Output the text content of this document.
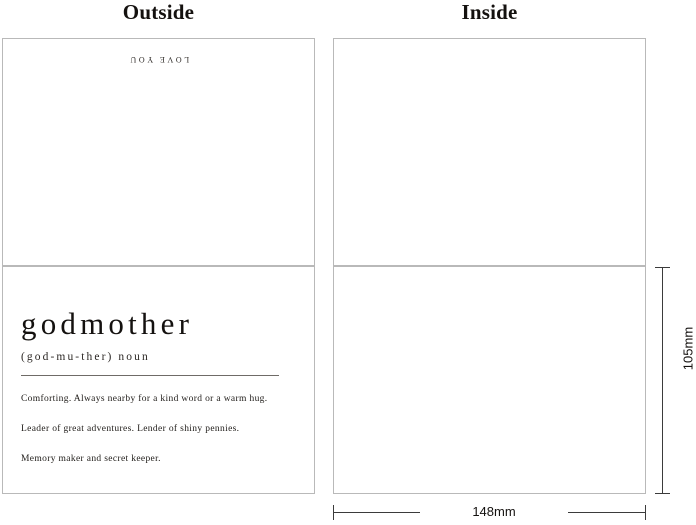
Outside	Inside
LOVE YOU
godmother
(god-mu-ther) noun
Comforting. Always nearby for a kind word or a warm hug.
Leader of great adventures. Lender of shiny pennies.
Memory maker and secret keeper.
105mm
148mm
